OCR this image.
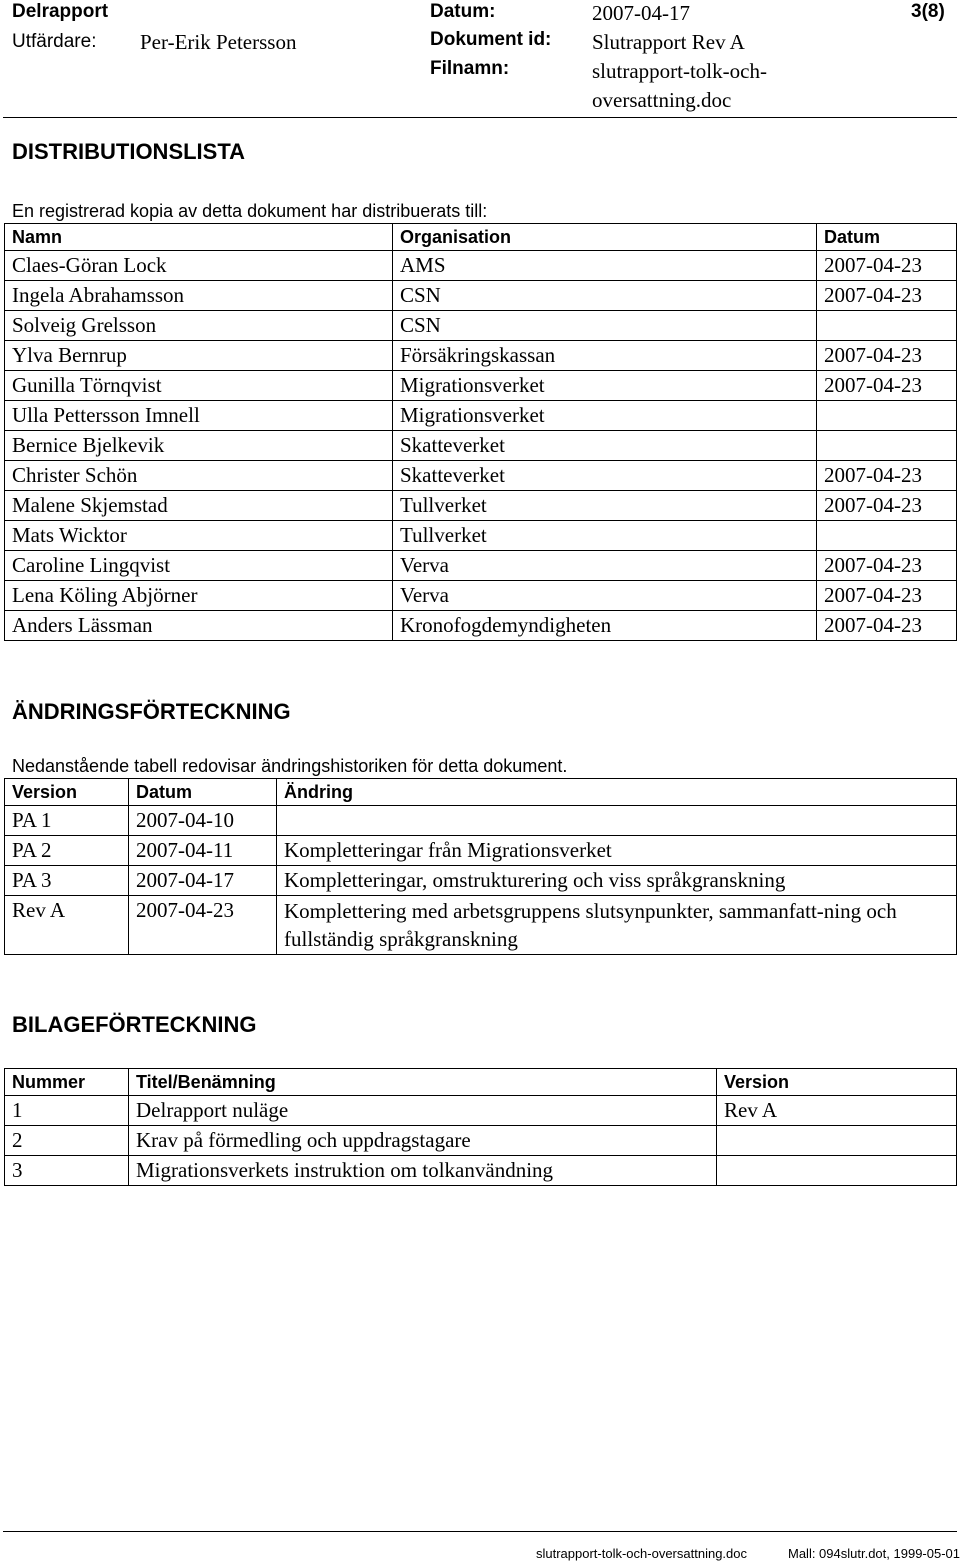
Delrapport
Utfärdare: Per-Erik Petersson
Datum:	2007-04-17
Dokument id: Slutrapport Rev A
Filnamn:	slutrapport-tolk-och-
oversattning.doc
3(8)
DISTRIBUTIONSLISTA
En registrerad kopia av detta dokument har distribuerats till:
Namn	Organisation	Datum
Claes-Göran Lock	AMS	2007-04-23
Ingela Abrahamsson	CSN	2007-04-23
Solveig Grelsson	CSN	
Ylva Bernrup	Försäkringskassan	2007-04-23
Gunilla Törnqvist	Migrationsverket	2007-04-23
Ulla Pettersson Imnell	Migrationsverket	
Bernice Bjelkevik	Skatteverket	
Christer Schön	Skatteverket	2007-04-23
Malene Skjemstad	Tullverket	2007-04-23
Mats Wicktor	Tullverket	
Caroline Lingqvist	Verva	2007-04-23
Lena Köling Abjörner	Verva	2007-04-23
Anders Lässman	Kronofogdemyndigheten	2007-04-23
ÄNDRINGSFÖRTECKNING
Nedanstående tabell redovisar ändringshistoriken för detta dokument.
Version	Datum	Ändring
PA 1	2007-04-10	
PA 2	2007-04-11	Kompletteringar från Migrationsverket
PA 3	2007-04-17	Kompletteringar, omstrukturering och viss språkgranskning
Rev A	2007-04-23	Komplettering med arbetsgruppens slutsynpunkter, sammanfatt-ning och fullständig språkgranskning
BILAGEFÖRTECKNING
Nummer	Titel/Benämning	Version
1	Delrapport nuläge	Rev A
2	Krav på förmedling och uppdragstagare	
3	Migrationsverkets instruktion om tolkanvändning	
slutrapport-tolk-och-oversattning.doc	Mall: 094slutr.dot, 1999-05-01
